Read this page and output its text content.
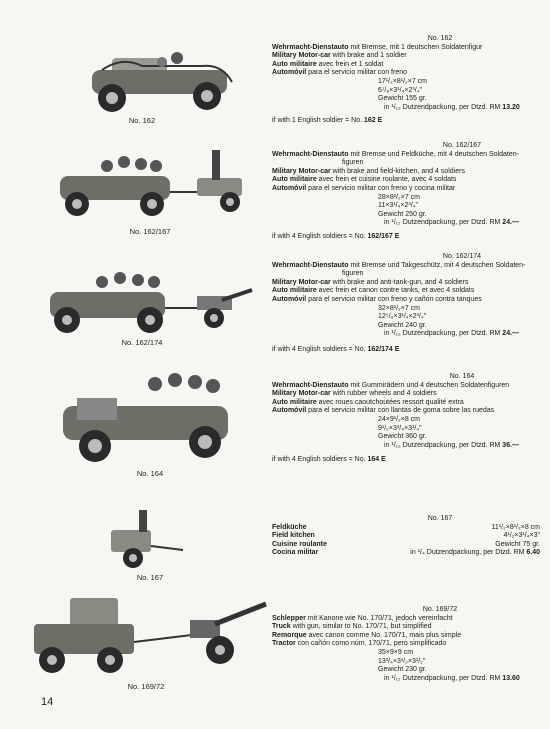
No. 162
No. 162
Wehrmacht-Dienstauto mit Bremse, mit 1 deutschen Soldatenfigur
Military Motor-car with brake and 1 soldier
Auto militaire avec frein et 1 soldat
Automóvil para el servicio militar con freno
17¹/₂×8¹/₂×7 cm
6⁷/₈×3¹/₄×2³/₄"
Gewicht 155 gr.
in ¹/₁₂ Dutzendpackung, per Dtzd. RM 13.20
if with 1 English soldier = No. 162 E
No. 162/167
No. 162/167
Wehrmacht-Dienstauto mit Bremse und Feldküche, mit 4 deutschen Soldaten-
figuren
Military Motor-car with brake and field-kitchen, and 4 soldiers
Auto militaire avec frein et cuisine roulante, avec 4 soldats
Automóvil para el servicio militar con freno y cocina militar
28×8¹/₂×7 cm
11×3¹/₄×2³/₄"
Gewicht 250 gr.
in ¹/₁₂ Dutzendpackung, per Dtzd. RM 24.—
if with 4 English soldiers = No. 162/167 E
No. 162/174
No. 162/174
Wehrmacht-Dienstauto mit Bremse und Takgeschütz, mit 4 deutschen Soldaten-
figuren
Military Motor-car with brake and anti-tank-gun, and 4 soldiers
Auto militaire avec frein et canon contre tanks, et avec 4 soldats
Automóvil para el servicio militar con freno y cañón contra tanques
32×8¹/₂×7 cm
12⁵/₈×3¹/₄×2³/₄"
Gewicht 240 gr.
in ¹/₁₂ Dutzendpackung, per Dtzd. RM 24.—
if with 4 English soldiers = No. 162/174 E
No. 164
No. 164
Wehrmacht-Dienstauto mit Gummirädern und 4 deutschen Soldatenfiguren
Military Motor-car with rubber wheels and 4 soldiers
Auto militaire avec roues caoutchoutées ressort qualité extra
Automóvil para el servicio militar con llantas de goma sobre las ruedas
24×9¹/₂×8 cm
9¹/₂×3³/₄×3¹/₄"
Gewicht 360 gr.
in ¹/₁₂ Dutzendpackung, per Dtzd. RM 36.—
if with 4 English soldiers = No. 164 E
No. 167
No. 167
Feldküche	11¹/₂×8¹/₂×8 cm
Field kitchen	4¹/₂×3¹/₄×3"
Cuisine roulante	Gewicht 75 gr.
Cocina militar	in ¹/₄ Dutzendpackung, per Dtzd. RM 6.40
No. 169/72
No. 169/72
Schlepper mit Kanone wie No. 170/71, jedoch vereinfacht
Truck with gun, similar to No. 170/71, but simplified
Remorque avec canon comme No. 170/71, mais plus simple
Tractor con cañón como núm. 170/71, pero simplificado
35×9×9 cm
13³/₄×3¹/₂×3¹/₂"
Gewicht 230 gr.
in ¹/₁₂ Dutzendpackung, per Dtzd. RM 13.60
14
